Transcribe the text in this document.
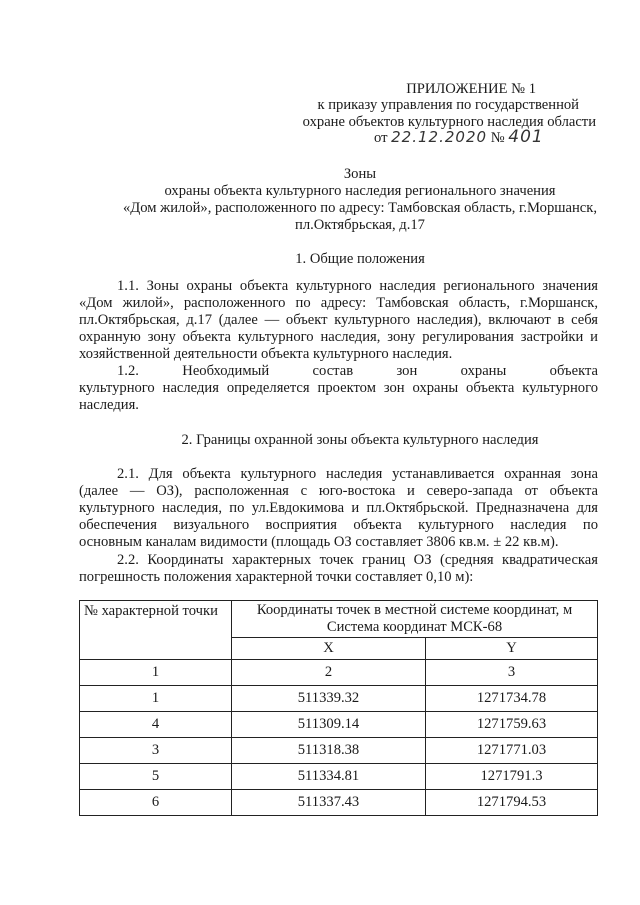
ПРИЛОЖЕНИЕ № 1
к приказу управления по государственной
охране объектов культурного наследия области
от 22.12.2020 № 401
Зоны
охраны объекта культурного наследия регионального значения
«Дом жилой», расположенного по адресу: Тамбовская область, г.Моршанск,
пл.Октябрьская, д.17
1. Общие положения
1.1. Зоны охраны объекта культурного наследия регионального значения
«Дом жилой», расположенного по адресу: Тамбовская область, г.Моршанск,
пл.Октябрьская, д.17 (далее — объект культурного наследия), включают в себя
охранную зону объекта культурного наследия, зону регулирования застройки и
хозяйственной деятельности объекта культурного наследия.
1.2. Необходимый состав зон охраны объекта
культурного наследия определяется проектом зон охраны объекта культурного
наследия.
2. Границы охранной зоны объекта культурного наследия
2.1. Для объекта культурного наследия устанавливается охранная зона
(далее — ОЗ), расположенная с юго-востока и северо-запада от объекта
культурного наследия, по ул.Евдокимова и пл.Октябрьской. Предназначена для
обеспечения визуального восприятия объекта культурного наследия по
основным каналам видимости (площадь ОЗ составляет 3806 кв.м. ± 22 кв.м).
2.2. Координаты характерных точек границ ОЗ (средняя квадратическая
погрешность положения характерной точки составляет 0,10 м):
№ характерной точки	Координаты точек в местной системе координат, м
Система координат МСК-68	

	X	Y
1	2	3
1	511339.32	1271734.78
4	511309.14	1271759.63
3	511318.38	1271771.03
5	511334.81	1271791.3
6	511337.43	1271794.53
